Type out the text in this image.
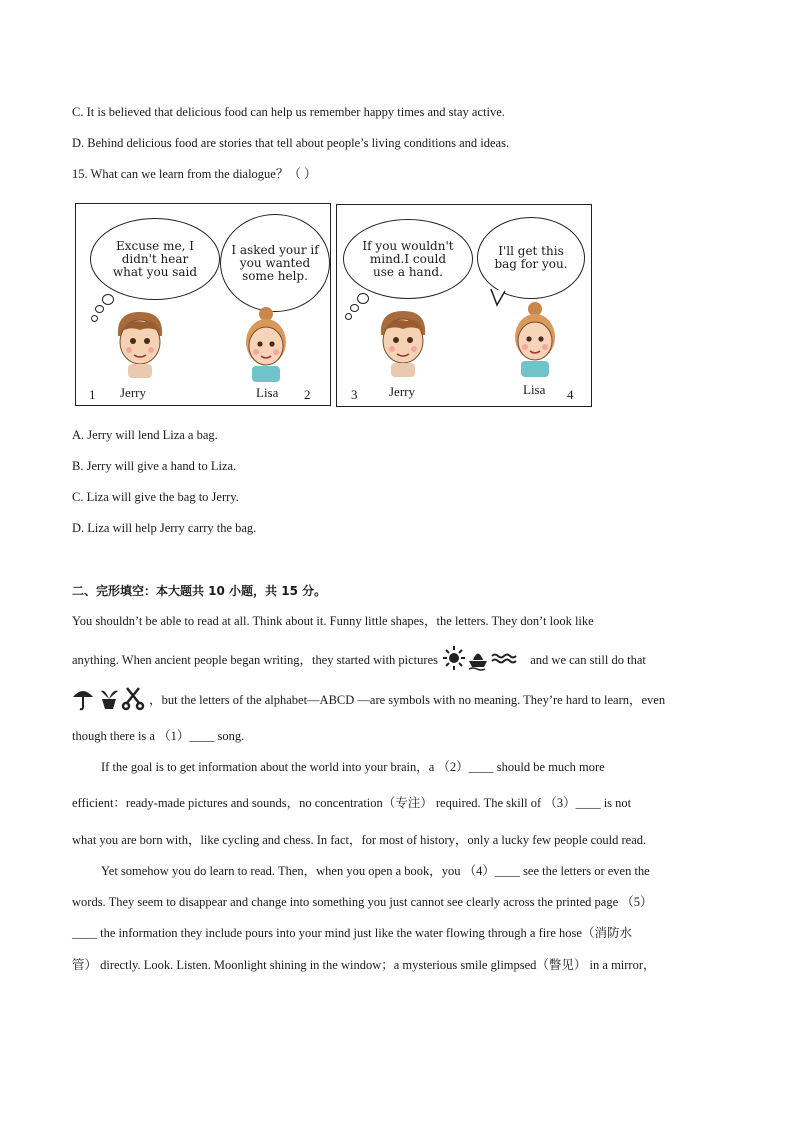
C. It is believed that delicious food can help us remember happy times and stay active.
D. Behind delicious food are stories that tell about people’s living conditions and ideas.
15. What can we learn from the dialogue？（ ）
Excuse me, I
didn't hear
what you said
I asked your if
you wanted
some help.
1 Jerry	Lisa 2
If you wouldn't
mind.I could
use a hand.
I'll get this
bag for you.
3 Jerry	Lisa 4
A. Jerry will lend Liza a bag.
B. Jerry will give a hand to Liza.
C. Liza will give the bag to Jerry.
D. Liza will help Jerry carry the bag.
二、完形填空：本大题共 10 小题，共 15 分。
You shouldn’t be able to read at all. Think about it. Funny little shapes，the letters. They don’t look like
anything. When ancient people began writing，they started with pictures	and we can still do that
，but the letters of the alphabet—ABCD —are symbols with no meaning. They’re hard to learn，even
though there is a （1）____ song.
If the goal is to get information about the world into your brain，a （2）____ should be much more
efficient：ready-made pictures and sounds，no concentration（专注） required. The skill of （3）____ is not
what you are born with，like cycling and chess. In fact，for most of history，only a lucky few people could read.
Yet somehow you do learn to read. Then，when you open a book，you （4）____ see the letters or even the
words. They seem to disappear and change into something you just cannot see clearly across the printed page （5）
____ the information they include pours into your mind just like the water flowing through a fire hose（消防水
管） directly. Look. Listen. Moonlight shining in the window；a mysterious smile glimpsed（瞥见） in a mirror，
